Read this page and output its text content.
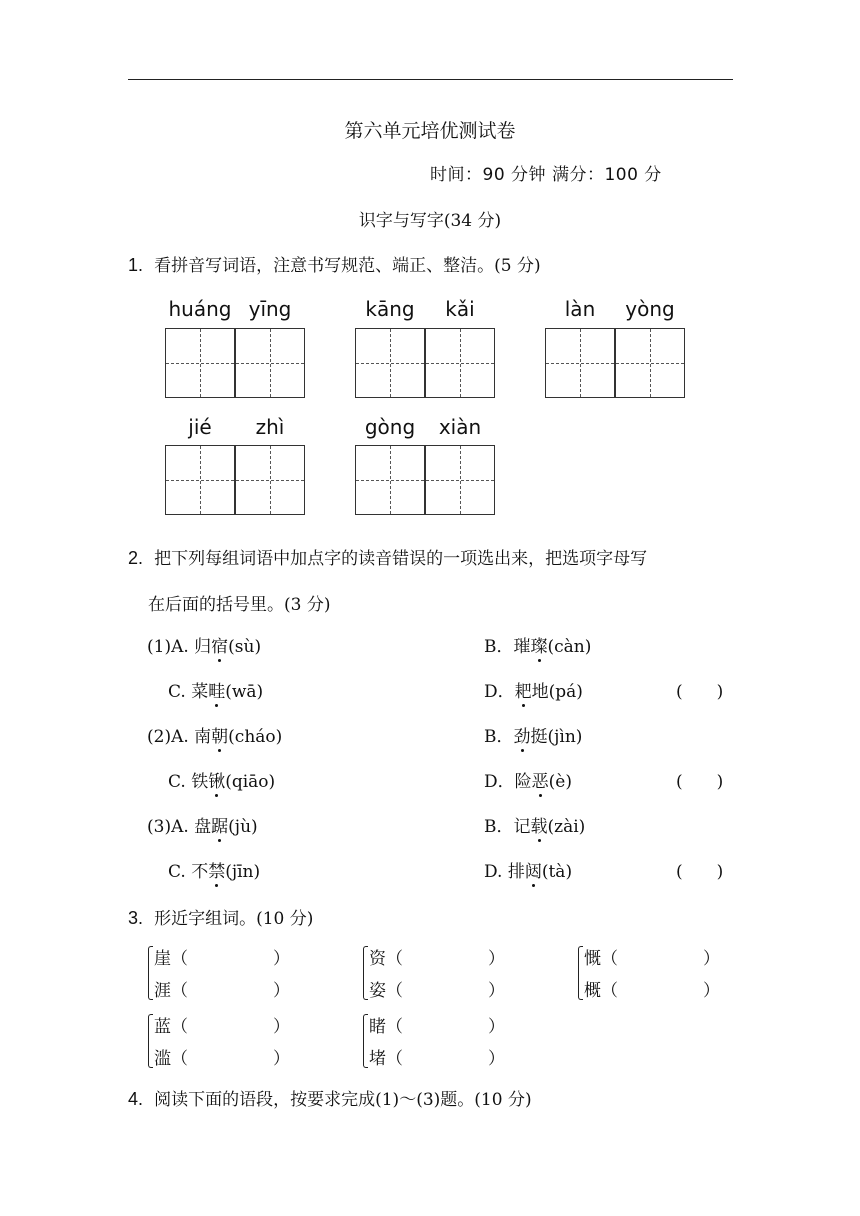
第六单元培优测试卷
时间：90 分钟 满分：100 分
识字与写字(34 分)
1. 看拼音写词语，注意书写规范、端正、整洁。(5 分)
huáng yīng	kāng	kǎi	làn	yòng
jié	zhì	gòng	xiàn
2. 把下列每组词语中加点字的读音错误的一项选出来，把选项字母写
在后面的括号里。(3 分)
(1)A. 归宿(sù)	B．璀璨(càn)
C. 菜畦(wā)	D．耙地(pá)	(　　)
(2)A. 南朝(cháo)	B．劲挺(jìn)
C. 铁锹(qiāo)	D．险恶(è)	(　　)
(3)A. 盘踞(jù)	B．记载(zài)
C. 不禁(jīn)	D. 排闼(tà)	(　　)
3. 形近字组词。(10 分)
崖（　　　　　）
涯（　　　　　）
资（　　　　　）
姿（　　　　　）
慨（　　　　　）
概（　　　　　）
蓝（　　　　　）
滥（　　　　　）
睹（　　　　　）
堵（　　　　　）
4. 阅读下面的语段，按要求完成(1)～(3)题。(10 分)
